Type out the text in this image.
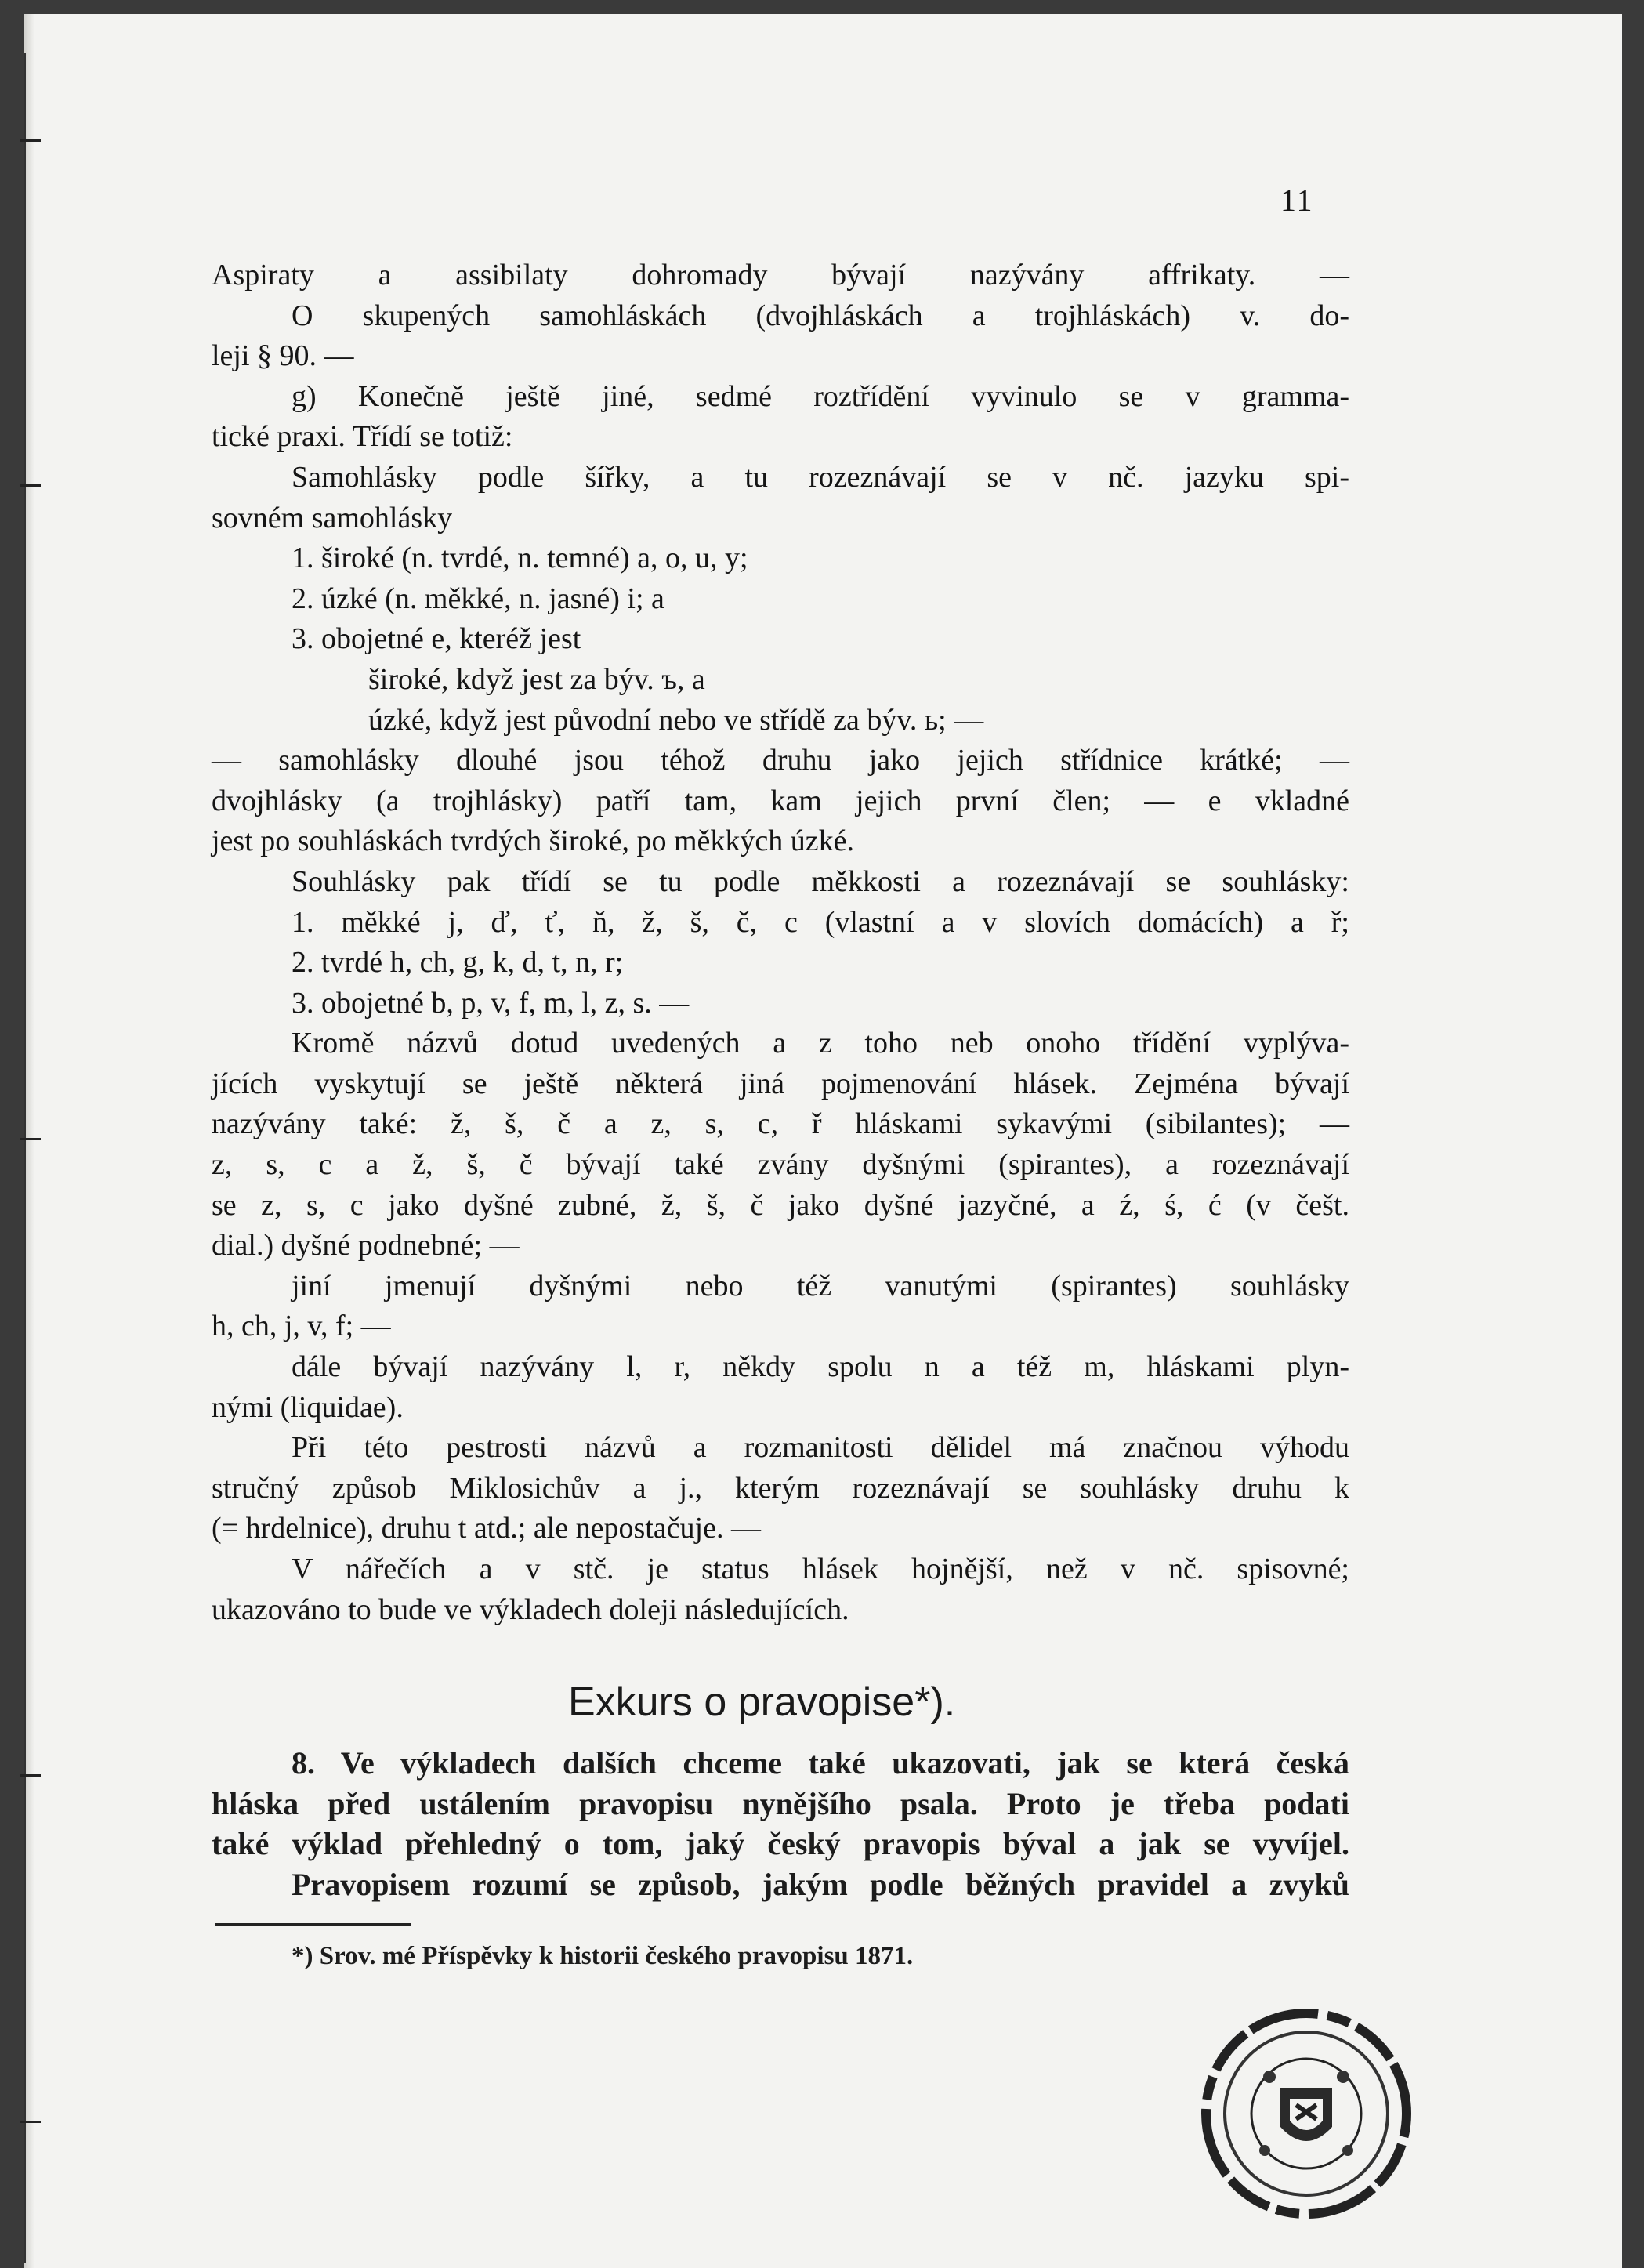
11
Aspiraty a assibilaty dohromady bývají nazývány affrikaty. —
O skupených samohláskách (dvojhláskách a trojhláskách) v. do-
leji § 90. —
g) Konečně ještě jiné, sedmé roztřídění vyvinulo se v gramma-
tické praxi. Třídí se totiž:
Samohlásky podle šířky, a tu rozeznávají se v nč. jazyku spi-
sovném samohlásky
1. široké (n. tvrdé, n. temné) a, o, u, y;
2. úzké (n. měkké, n. jasné) i; a
3. obojetné e, kteréž jest
široké, když jest za býv. ъ, a
úzké, když jest původní nebo ve střídě za býv. ь; —
— samohlásky dlouhé jsou téhož druhu jako jejich střídnice krátké; —
dvojhlásky (a trojhlásky) patří tam, kam jejich první člen; — e vkladné
jest po souhláskách tvrdých široké, po měkkých úzké.
Souhlásky pak třídí se tu podle měkkosti a rozeznávají se souhlásky:
1. měkké j, ď, ť, ň, ž, š, č, c (vlastní a v slovích domácích) a ř;
2. tvrdé h, ch, g, k, d, t, n, r;
3. obojetné b, p, v, f, m, l, z, s. —
Kromě názvů dotud uvedených a z toho neb onoho třídění vyplýva-
jících vyskytují se ještě některá jiná pojmenování hlásek. Zejména bývají
nazývány také: ž, š, č a z, s, c, ř hláskami sykavými (sibilantes); —
z, s, c a ž, š, č bývají také zvány dyšnými (spirantes), a rozeznávají
se z, s, c jako dyšné zubné, ž, š, č jako dyšné jazyčné, a ź, ś, ć (v češt.
dial.) dyšné podnebné; —
jiní jmenují dyšnými nebo též vanutými (spirantes) souhlásky
h, ch, j, v, f; —
dále bývají nazývány l, r, někdy spolu n a též m, hláskami plyn-
nými (liquidae).
Při této pestrosti názvů a rozmanitosti dělidel má značnou výhodu
stručný způsob Miklosichův a j., kterým rozeznávají se souhlásky druhu k
(= hrdelnice), druhu t atd.; ale nepostačuje. —
V nářečích a v stč. je status hlásek hojnější, než v nč. spisovné;
ukazováno to bude ve výkladech doleji následujících.
Exkurs o pravopise*).
8. Ve výkladech dalších chceme také ukazovati, jak se která česká
hláska před ustálením pravopisu nynějšího psala. Proto je třeba podati
také výklad přehledný o tom, jaký český pravopis býval a jak se vyvíjel.
Pravopisem rozumí se způsob, jakým podle běžných pravidel a zvyků
*) Srov. mé Příspěvky k historii českého pravopisu 1871.
